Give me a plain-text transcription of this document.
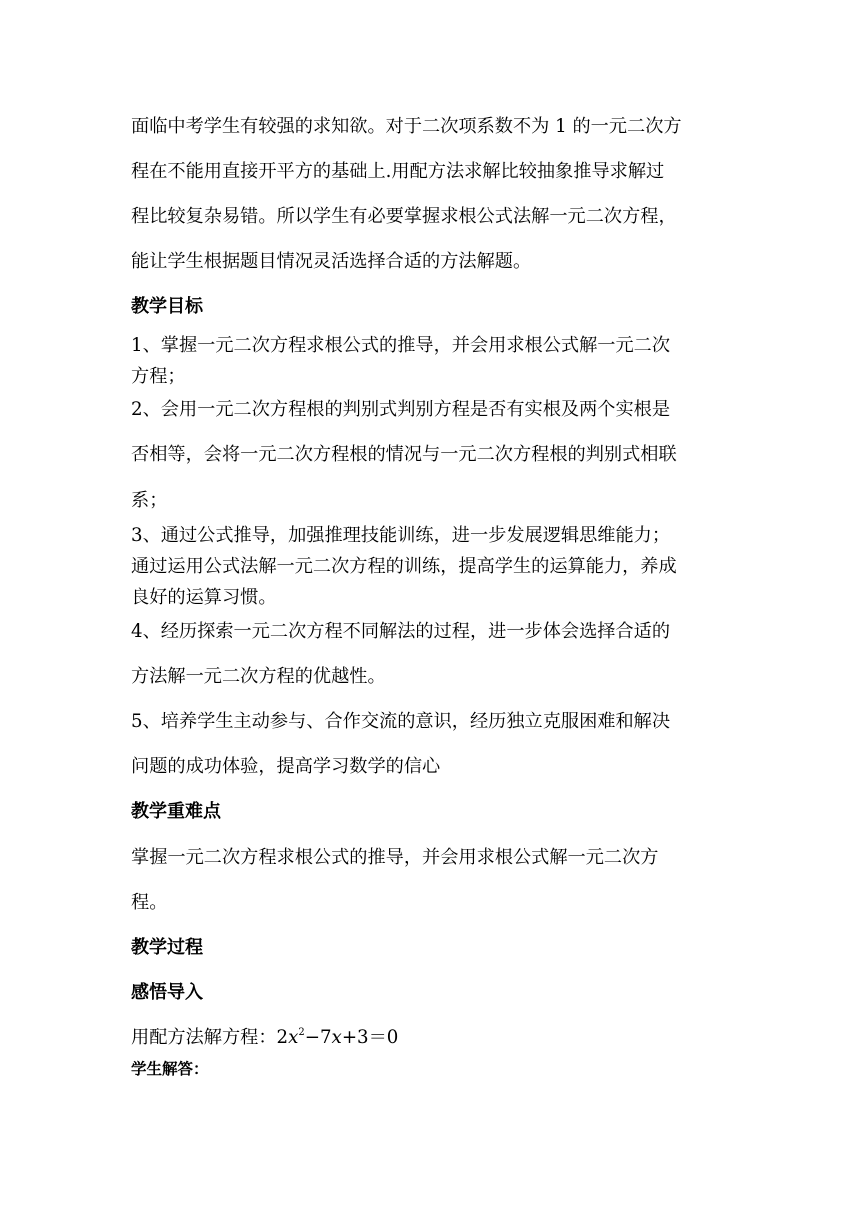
面临中考学生有较强的求知欲。对于二次项系数不为 1 的一元二次方

程在不能用直接开平方的基础上.用配方法求解比较抽象推导求解过

程比较复杂易错。所以学生有必要掌握求根公式法解一元二次方程，

能让学生根据题目情况灵活选择合适的方法解题。

教学目标

1、掌握一元二次方程求根公式的推导，并会用求根公式解一元二次

方程；

2、会用一元二次方程根的判别式判别方程是否有实根及两个实根是

否相等，会将一元二次方程根的情况与一元二次方程根的判别式相联

系；

3、通过公式推导，加强推理技能训练，进一步发展逻辑思维能力；

通过运用公式法解一元二次方程的训练，提高学生的运算能力，养成

良好的运算习惯。

4、经历探索一元二次方程不同解法的过程，进一步体会选择合适的

方法解一元二次方程的优越性。

5、培养学生主动参与、合作交流的意识，经历独立克服困难和解决

问题的成功体验，提高学习数学的信心

教学重难点

掌握一元二次方程求根公式的推导，并会用求根公式解一元二次方

程。

教学过程
感悟导入

用配方法解方程：$2x^2-7x+3=0$

学生解答：
